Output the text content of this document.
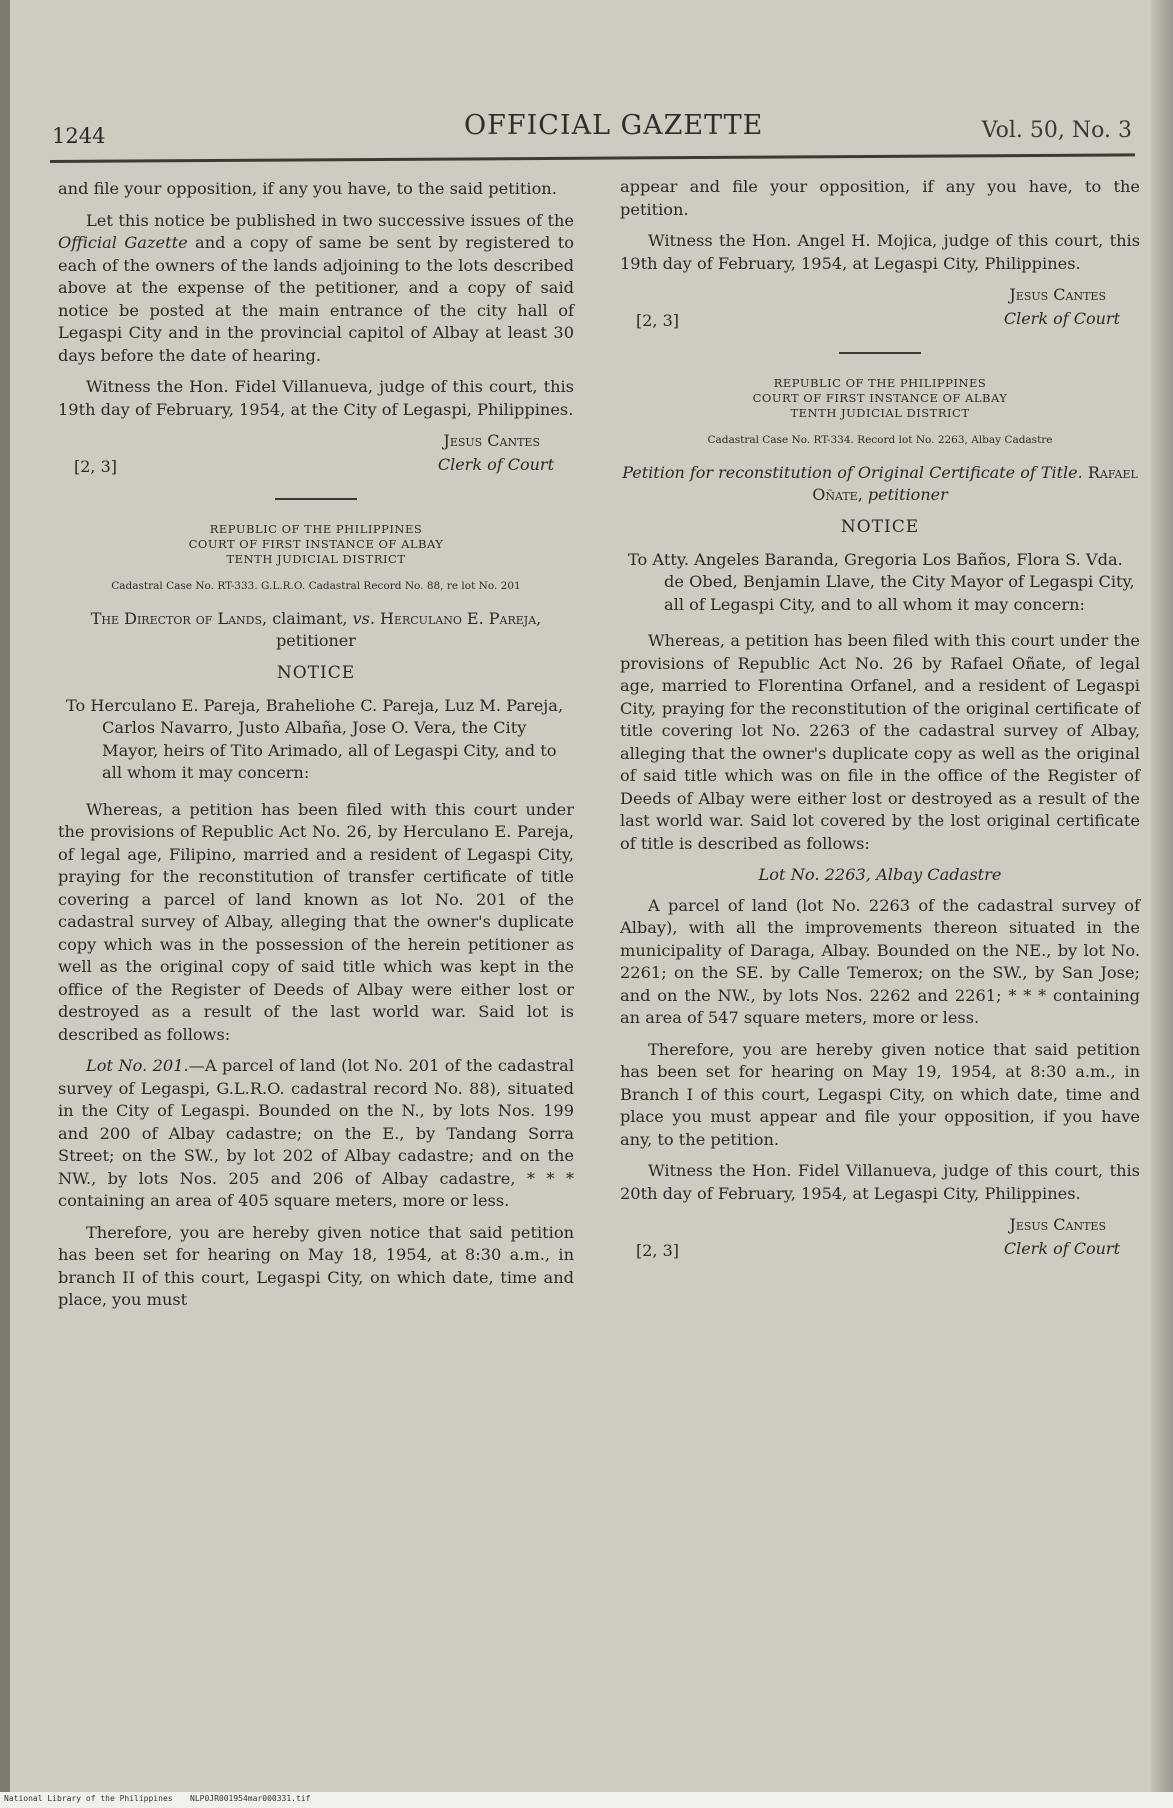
1244	OFFICIAL GAZETTE	Vol. 50, No. 3

and file your opposition, if any you have, to the said petition.

Let this notice be published in two successive issues of the Official Gazette and a copy of same be sent by registered to each of the owners of the lands adjoining to the lots described above at the expense of the petitioner, and a copy of said notice be posted at the main entrance of the city hall of Legaspi City and in the provincial capitol of Albay at least 30 days before the date of hearing.

Witness the Hon. Fidel Villanueva, judge of this court, this 19th day of February, 1954, at the City of Legaspi, Philippines.

[2, 3]
Jesus Cantes
Clerk of Court
REPUBLIC OF THE PHILIPPINES
COURT OF FIRST INSTANCE OF ALBAY
TENTH JUDICIAL DISTRICT
Cadastral Case No. RT-333. G.L.R.O. Cadastral Record No. 88, re lot No. 201
The Director of Lands, claimant, vs. Herculano E. Pareja, petitioner
NOTICE

To Herculano E. Pareja, Braheliohe C. Pareja, Luz M. Pareja, Carlos Navarro, Justo Albaña, Jose O. Vera, the City Mayor, heirs of Tito Arimado, all of Legaspi City, and to all whom it may concern:

Whereas, a petition has been filed with this court under the provisions of Republic Act No. 26, by Herculano E. Pareja, of legal age, Filipino, married and a resident of Legaspi City, praying for the reconstitution of transfer certificate of title covering a parcel of land known as lot No. 201 of the cadastral survey of Albay, alleging that the owner's duplicate copy which was in the possession of the herein petitioner as well as the original copy of said title which was kept in the office of the Register of Deeds of Albay were either lost or destroyed as a result of the last world war. Said lot is described as follows:

Lot No. 201.—A parcel of land (lot No. 201 of the cadastral survey of Legaspi, G.L.R.O. cadastral record No. 88), situated in the City of Legaspi. Bounded on the N., by lots Nos. 199 and 200 of Albay cadastre; on the E., by Tandang Sorra Street; on the SW., by lot 202 of Albay cadastre; and on the NW., by lots Nos. 205 and 206 of Albay cadastre, * * * containing an area of 405 square meters, more or less.

Therefore, you are hereby given notice that said petition has been set for hearing on May 18, 1954, at 8:30 a.m., in branch II of this court, Legaspi City, on which date, time and place, you must

appear and file your opposition, if any you have, to the petition.

Witness the Hon. Angel H. Mojica, judge of this court, this 19th day of February, 1954, at Legaspi City, Philippines.

[2, 3]
Jesus Cantes
Clerk of Court
REPUBLIC OF THE PHILIPPINES
COURT OF FIRST INSTANCE OF ALBAY
TENTH JUDICIAL DISTRICT
Cadastral Case No. RT-334. Record lot No. 2263, Albay Cadastre
Petition for reconstitution of Original Certificate of Title. Rafael Oñate, petitioner
NOTICE

To Atty. Angeles Baranda, Gregoria Los Baños, Flora S. Vda. de Obed, Benjamin Llave, the City Mayor of Legaspi City, all of Legaspi City, and to all whom it may concern:

Whereas, a petition has been filed with this court under the provisions of Republic Act No. 26 by Rafael Oñate, of legal age, married to Florentina Orfanel, and a resident of Legaspi City, praying for the reconstitution of the original certificate of title covering lot No. 2263 of the cadastral survey of Albay, alleging that the owner's duplicate copy as well as the original of said title which was on file in the office of the Register of Deeds of Albay were either lost or destroyed as a result of the last world war. Said lot covered by the lost original certificate of title is described as follows:

Lot No. 2263, Albay Cadastre

A parcel of land (lot No. 2263 of the cadastral survey of Albay), with all the improvements thereon situated in the municipality of Daraga, Albay. Bounded on the NE., by lot No. 2261; on the SE. by Calle Temerox; on the SW., by San Jose; and on the NW., by lots Nos. 2262 and 2261; * * * containing an area of 547 square meters, more or less.

Therefore, you are hereby given notice that said petition has been set for hearing on May 19, 1954, at 8:30 a.m., in Branch I of this court, Legaspi City, on which date, time and place you must appear and file your opposition, if you have any, to the petition.

Witness the Hon. Fidel Villanueva, judge of this court, this 20th day of February, 1954, at Legaspi City, Philippines.

[2, 3]
Jesus Cantes
Clerk of Court
National Library of the Philippines NLP0JR001954mar000331.tif
